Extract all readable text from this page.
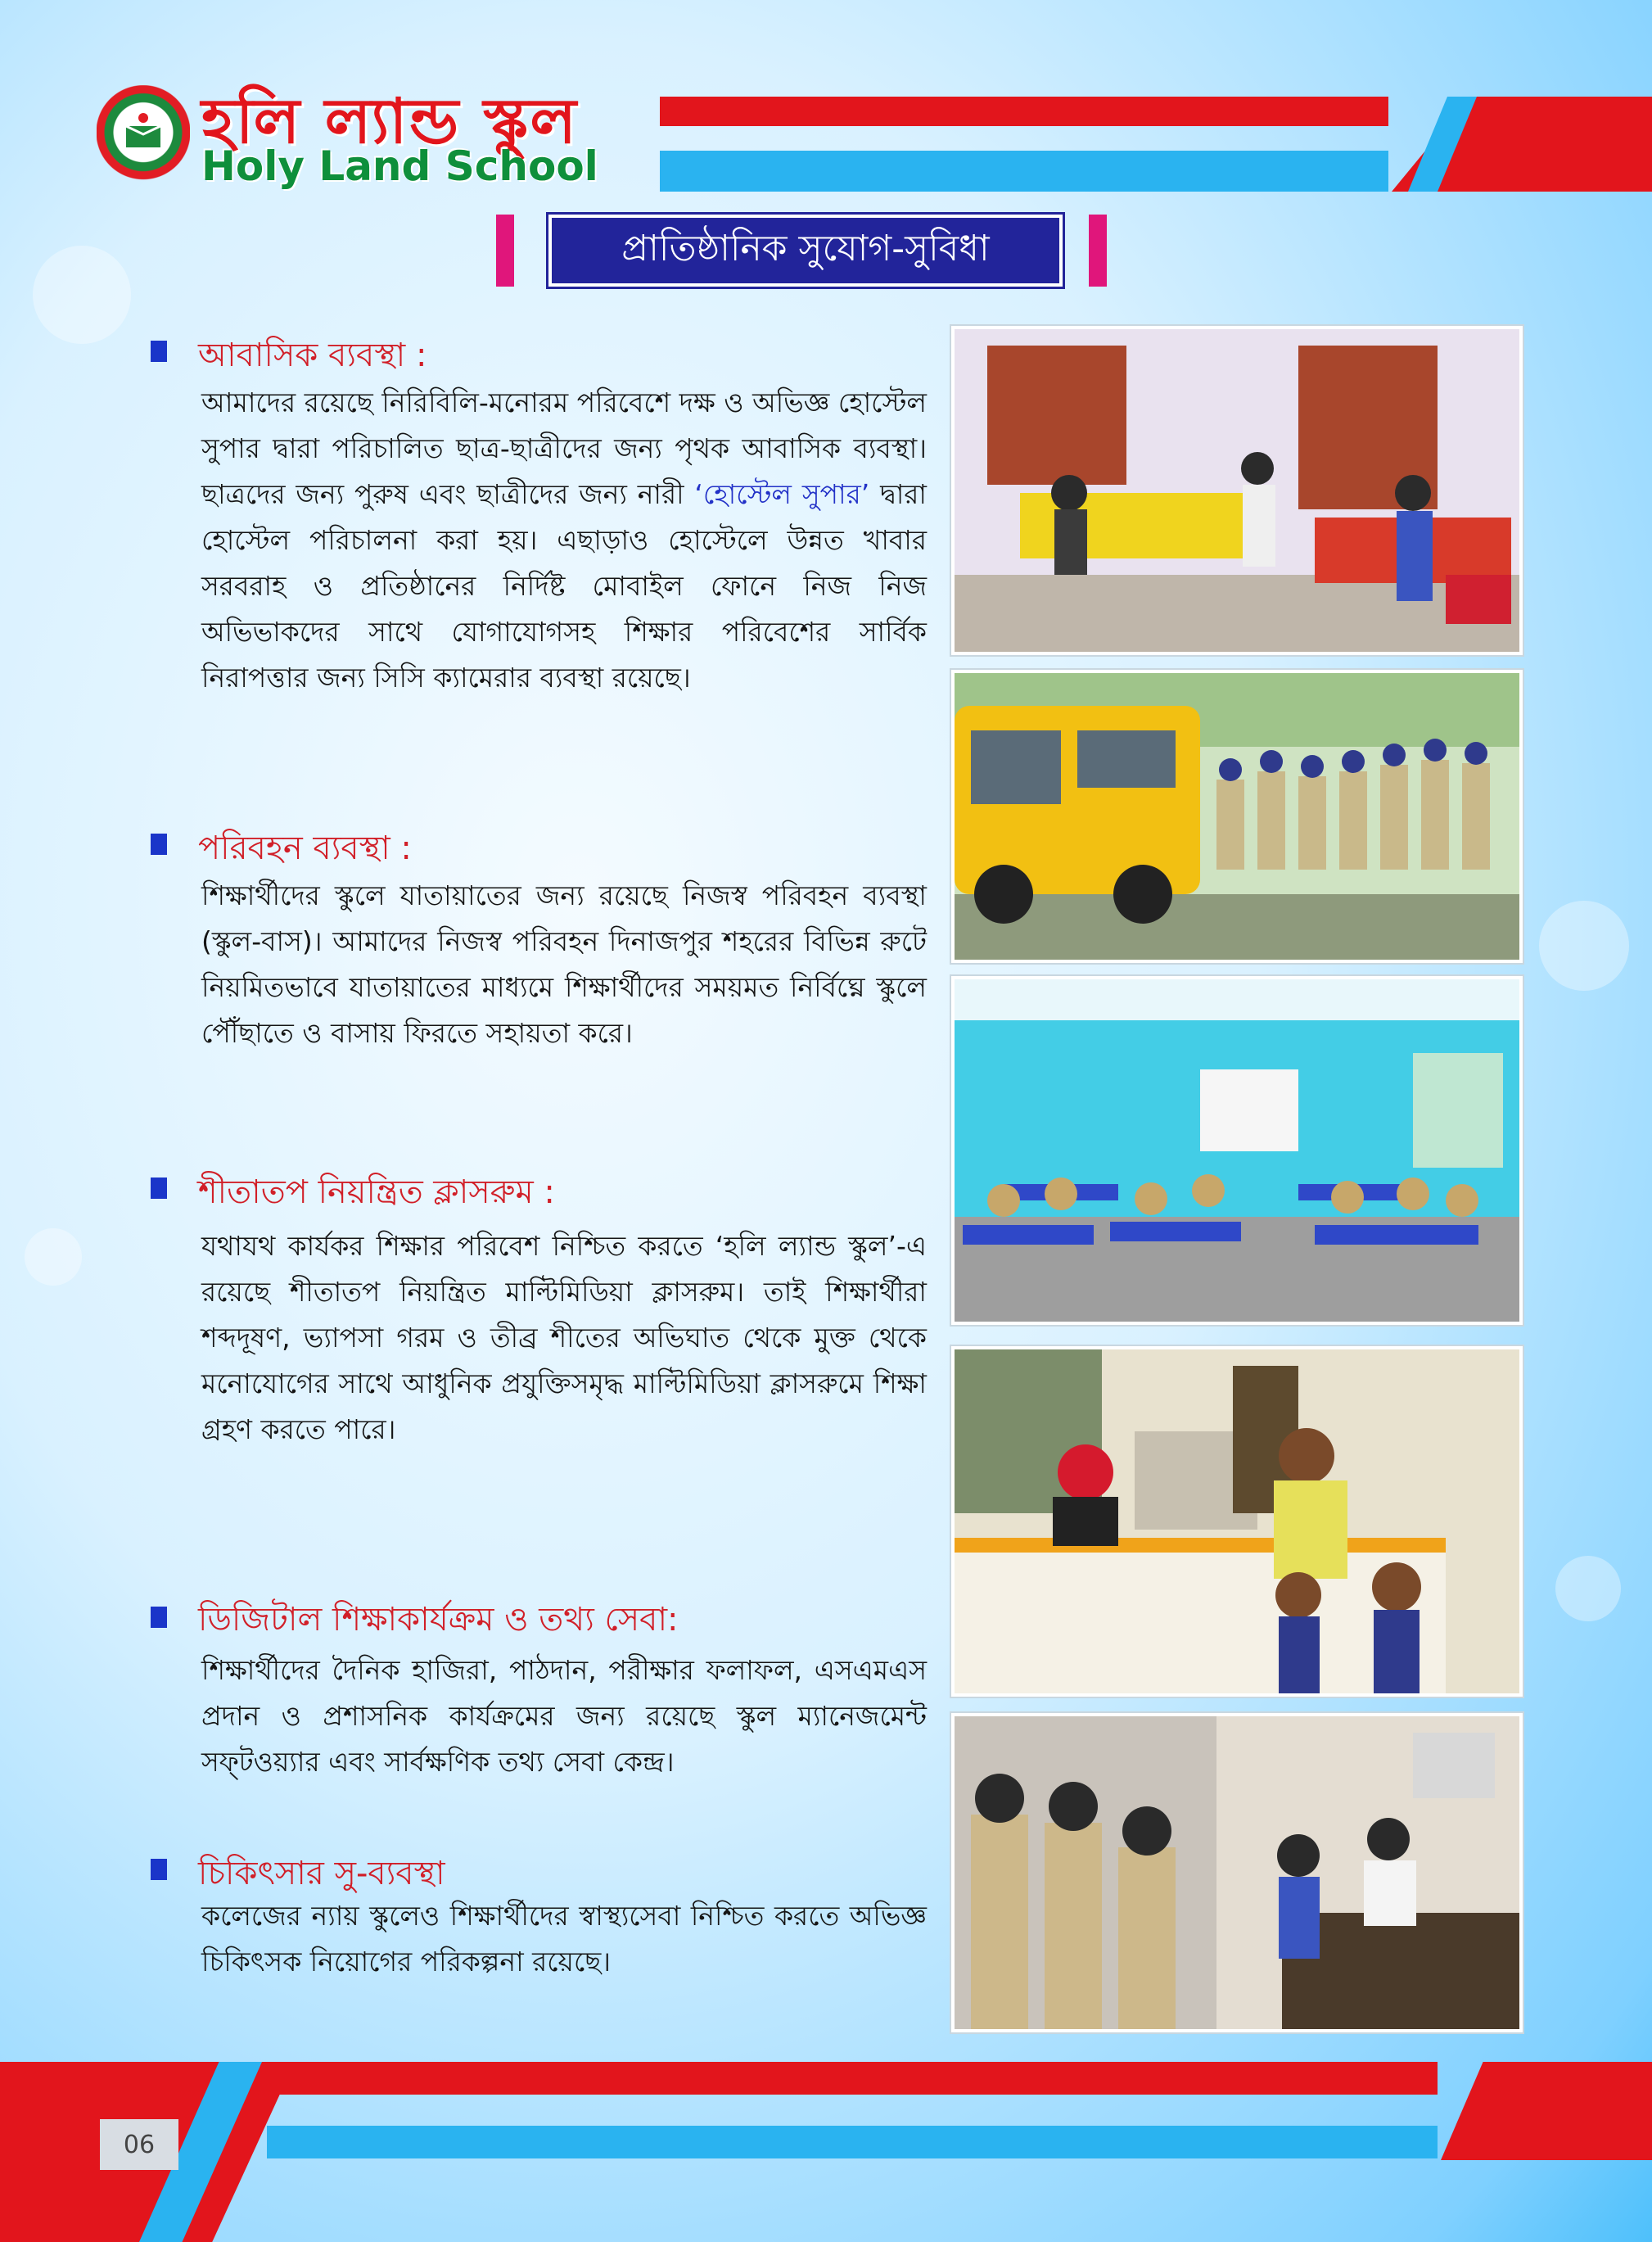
হলি ল্যান্ড স্কুল
Holy Land School
প্রাতিষ্ঠানিক সুযোগ-সুবিধা
আবাসিক ব্যবস্থা :
আমাদের রয়েছে নিরিবিলি-মনোরম পরিবেশে দক্ষ ও অভিজ্ঞ হোস্টেল সুপার দ্বারা পরিচালিত ছাত্র-ছাত্রীদের জন্য পৃথক আবাসিক ব্যবস্থা। ছাত্রদের জন্য পুরুষ এবং ছাত্রীদের জন্য নারী ‘হোস্টেল সুপার’ দ্বারা হোস্টেল পরিচালনা করা হয়। এছাড়াও হোস্টেলে উন্নত খাবার সরবরাহ ও প্রতিষ্ঠানের নির্দিষ্ট মোবাইল ফোনে নিজ নিজ অভিভাকদের সাথে যোগাযোগসহ শিক্ষার পরিবেশের সার্বিক নিরাপত্তার জন্য সিসি ক্যামেরার ব্যবস্থা রয়েছে।
পরিবহন ব্যবস্থা :
শিক্ষার্থীদের স্কুলে যাতায়াতের জন্য রয়েছে নিজস্ব পরিবহন ব্যবস্থা (স্কুল-বাস)। আমাদের নিজস্ব পরিবহন দিনাজপুর শহরের বিভিন্ন রুটে নিয়মিতভাবে যাতায়াতের মাধ্যমে শিক্ষার্থীদের সময়মত নির্বিঘ্নে স্কুলে পৌঁছাতে ও বাসায় ফিরতে সহায়তা করে।
শীতাতপ নিয়ন্ত্রিত ক্লাসরুম :
যথাযথ কার্যকর শিক্ষার পরিবেশ নিশ্চিত করতে ‘হলি ল্যান্ড স্কুল’-এ রয়েছে শীতাতপ নিয়ন্ত্রিত মাল্টিমিডিয়া ক্লাসরুম। তাই শিক্ষার্থীরা শব্দদূষণ, ভ্যাপসা গরম ও তীব্র শীতের অভিঘাত থেকে মুক্ত থেকে মনোযোগের সাথে আধুনিক প্রযুক্তিসমৃদ্ধ মাল্টিমিডিয়া ক্লাসরুমে শিক্ষা গ্রহণ করতে পারে।
ডিজিটাল শিক্ষাকার্যক্রম ও তথ্য সেবা:
শিক্ষার্থীদের দৈনিক হাজিরা, পাঠদান, পরীক্ষার ফলাফল, এসএমএস প্রদান ও প্রশাসনিক কার্যক্রমের জন্য রয়েছে স্কুল ম্যানেজমেন্ট সফ্‌টওয়্যার এবং সার্বক্ষণিক তথ্য সেবা কেন্দ্র।
চিকিৎসার সু-ব্যবস্থা
কলেজের ন্যায় স্কুলেও শিক্ষার্থীদের স্বাস্থ্যসেবা নিশ্চিত করতে অভিজ্ঞ চিকিৎসক নিয়োগের পরিকল্পনা রয়েছে।
06
